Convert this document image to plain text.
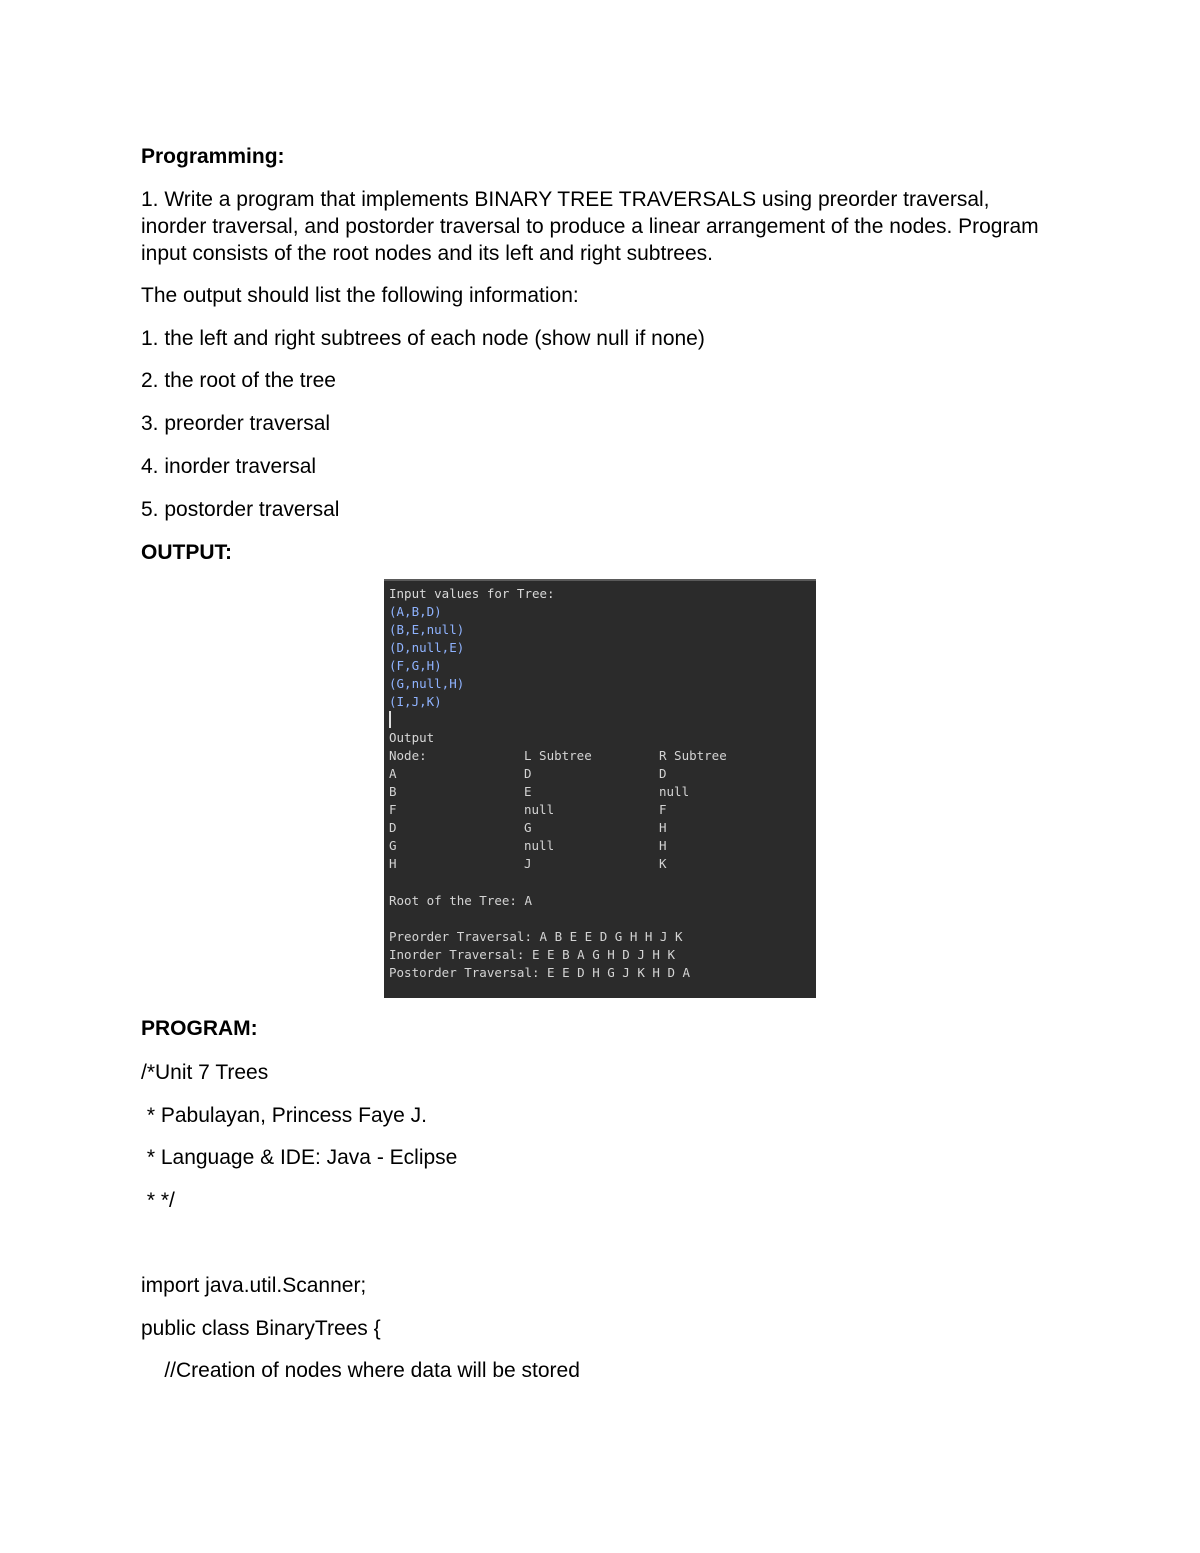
Programming:
1. Write a program that implements BINARY TREE TRAVERSALS using preorder traversal, inorder traversal, and postorder traversal to produce a linear arrangement of the nodes. Program input consists of the root nodes and its left and right subtrees.
The output should list the following information:
1. the left and right subtrees of each node (show null if none)
2. the root of the tree
3. preorder traversal
4. inorder traversal
5. postorder traversal
OUTPUT:
PROGRAM:
/*Unit 7 Trees
* Pabulayan, Princess Faye J.
* Language & IDE: Java - Eclipse
* */
import java.util.Scanner;
public class BinaryTrees {
//Creation of nodes where data will be stored
Input values for Tree:
(A,B,D)
(B,E,null)
(D,null,E)
(F,G,H)
(G,null,H)
(I,J,K)
Output
Node:	L Subtree	R Subtree
A	D	D
B	E	null
F	null	F
D	G	H
G	null	H
H	J	K
Root of the Tree: A
Preorder Traversal: A B E E D G H H J K
Inorder Traversal: E E B A G H D J H K
Postorder Traversal: E E D H G J K H D A
